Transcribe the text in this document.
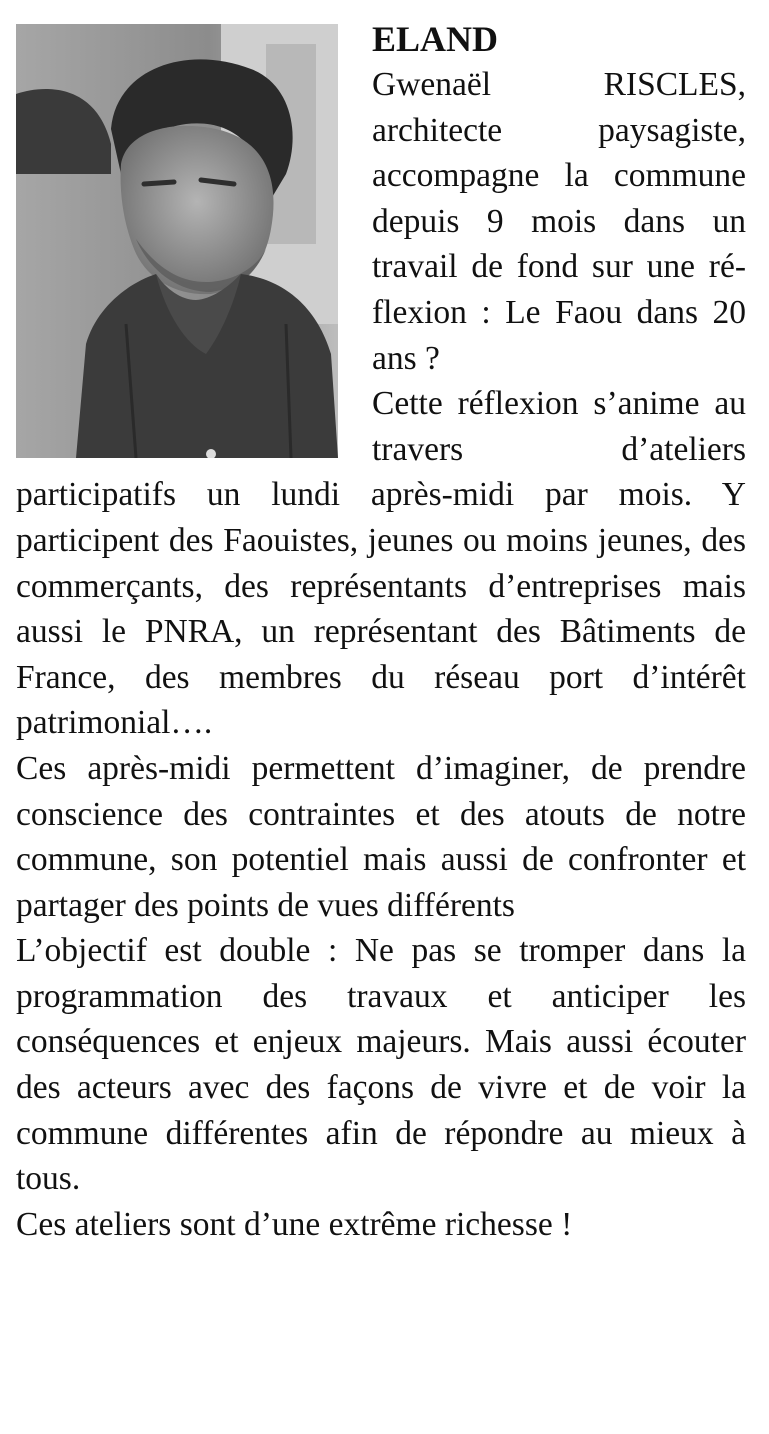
ELAND

Gwenaël RISCLES, architecte paysagiste, accompagne la commune depuis 9 mois dans un travail de fond sur une réflexion : Le Faou dans 20 ans ?

Cette réflexion s’anime au travers d’ateliers participatifs un lundi après-midi par mois. Y participent des Faouistes, jeunes ou moins jeunes, des commerçants, des représentants d’entreprises mais aussi le PNRA, un représentant des Bâtiments de France, des membres du réseau port d’intérêt patrimonial….

Ces après-midi permettent d’imaginer, de prendre conscience des contraintes et des atouts de notre commune, son potentiel mais aussi de confronter et partager des points de vues différents

L’objectif est double : Ne pas se tromper dans la programmation des travaux et anticiper les conséquences et enjeux majeurs. Mais aussi écouter des acteurs avec des façons de vivre et de voir la commune différentes afin de répondre au mieux à tous.

Ces ateliers sont d’une extrême richesse !
